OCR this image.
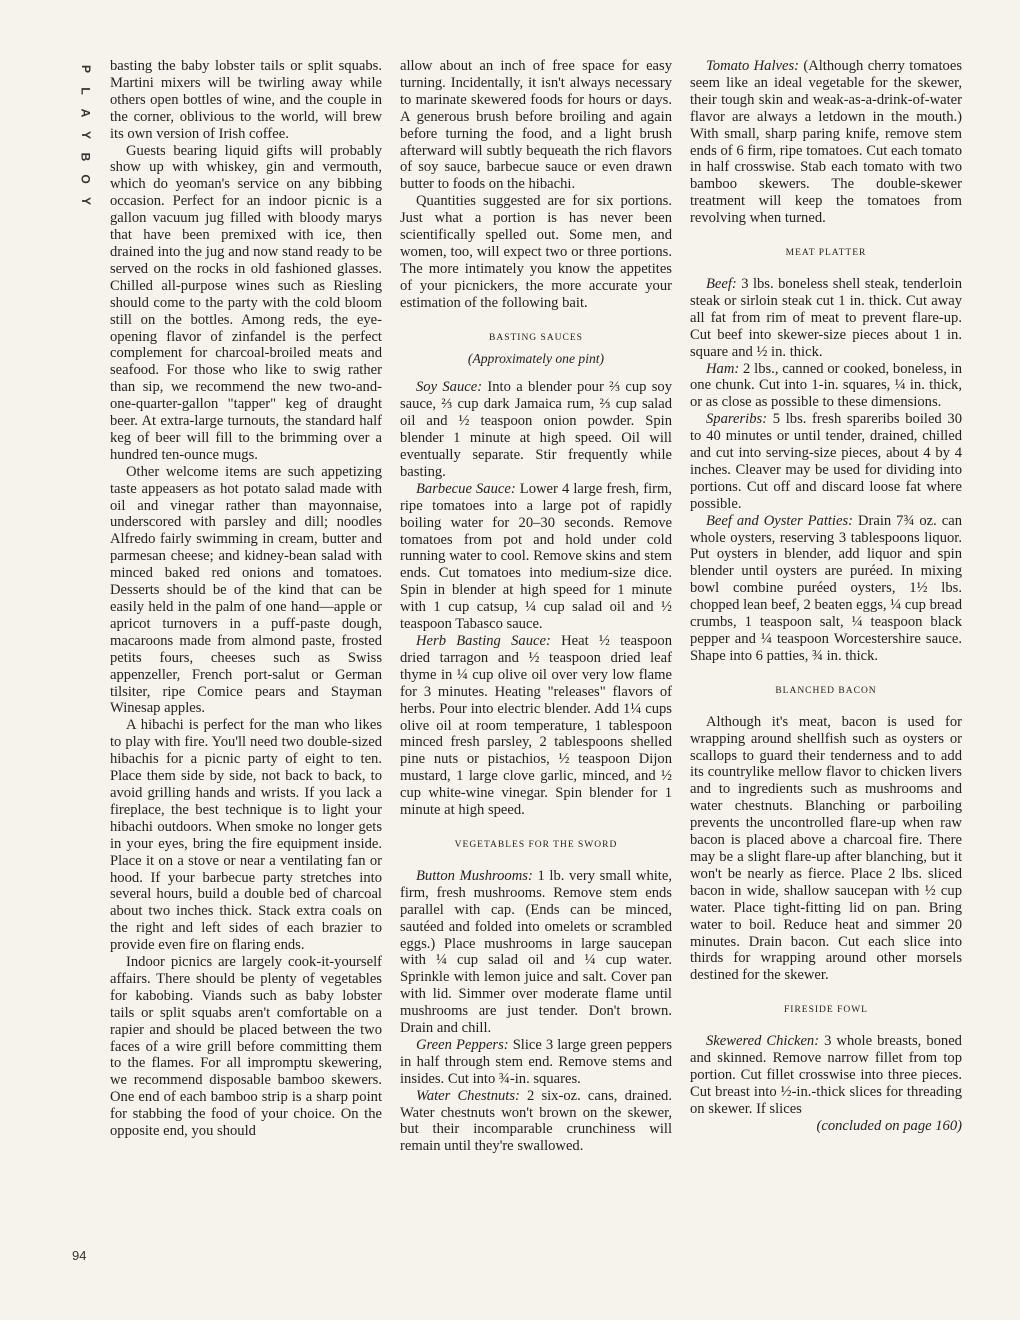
P
L
A
Y
B
O
Y
94

basting the baby lobster tails or split squabs. Martini mixers will be twirling away while others open bottles of wine, and the couple in the corner, oblivious to the world, will brew its own version of Irish coffee.

Guests bearing liquid gifts will probably show up with whiskey, gin and vermouth, which do yeoman's service on any bibbing occasion. Perfect for an indoor picnic is a gallon vacuum jug filled with bloody marys that have been premixed with ice, then drained into the jug and now stand ready to be served on the rocks in old fashioned glasses. Chilled all-purpose wines such as Riesling should come to the party with the cold bloom still on the bottles. Among reds, the eye-opening flavor of zinfandel is the perfect complement for charcoal-broiled meats and seafood. For those who like to swig rather than sip, we recommend the new two-and-one-quarter-gallon "tapper" keg of draught beer. At extra-large turnouts, the standard half keg of beer will fill to the brimming over a hundred ten-ounce mugs.

Other welcome items are such appetizing taste appeasers as hot potato salad made with oil and vinegar rather than mayonnaise, underscored with parsley and dill; noodles Alfredo fairly swimming in cream, butter and parmesan cheese; and kidney-bean salad with minced baked red onions and tomatoes. Desserts should be of the kind that can be easily held in the palm of one hand—apple or apricot turnovers in a puff-paste dough, macaroons made from almond paste, frosted petits fours, cheeses such as Swiss appenzeller, French port-salut or German tilsiter, ripe Comice pears and Stayman Winesap apples.

A hibachi is perfect for the man who likes to play with fire. You'll need two double-sized hibachis for a picnic party of eight to ten. Place them side by side, not back to back, to avoid grilling hands and wrists. If you lack a fireplace, the best technique is to light your hibachi outdoors. When smoke no longer gets in your eyes, bring the fire equipment inside. Place it on a stove or near a ventilating fan or hood. If your barbecue party stretches into several hours, build a double bed of charcoal about two inches thick. Stack extra coals on the right and left sides of each brazier to provide even fire on flaring ends.

Indoor picnics are largely cook-it-yourself affairs. There should be plenty of vegetables for kabobing. Viands such as baby lobster tails or split squabs aren't comfortable on a rapier and should be placed between the two faces of a wire grill before committing them to the flames. For all impromptu skewering, we recommend disposable bamboo skewers. One end of each bamboo strip is a sharp point for stabbing the food of your choice. On the opposite end, you should

allow about an inch of free space for easy turning. Incidentally, it isn't always necessary to marinate skewered foods for hours or days. A generous brush before broiling and again before turning the food, and a light brush afterward will subtly bequeath the rich flavors of soy sauce, barbecue sauce or even drawn butter to foods on the hibachi.

Quantities suggested are for six portions. Just what a portion is has never been scientifically spelled out. Some men, and women, too, will expect two or three portions. The more intimately you know the appetites of your picnickers, the more accurate your estimation of the following bait.

BASTING SAUCES

(Approximately one pint)

Soy Sauce: Into a blender pour ⅔ cup soy sauce, ⅔ cup dark Jamaica rum, ⅔ cup salad oil and ½ teaspoon onion powder. Spin blender 1 minute at high speed. Oil will eventually separate. Stir frequently while basting.

Barbecue Sauce: Lower 4 large fresh, firm, ripe tomatoes into a large pot of rapidly boiling water for 20–30 seconds. Remove tomatoes from pot and hold under cold running water to cool. Remove skins and stem ends. Cut tomatoes into medium-size dice. Spin in blender at high speed for 1 minute with 1 cup catsup, ¼ cup salad oil and ½ teaspoon Tabasco sauce.

Herb Basting Sauce: Heat ½ teaspoon dried tarragon and ½ teaspoon dried leaf thyme in ¼ cup olive oil over very low flame for 3 minutes. Heating "releases" flavors of herbs. Pour into electric blender. Add 1¼ cups olive oil at room temperature, 1 tablespoon minced fresh parsley, 2 tablespoons shelled pine nuts or pistachios, ½ teaspoon Dijon mustard, 1 large clove garlic, minced, and ½ cup white-wine vinegar. Spin blender for 1 minute at high speed.

VEGETABLES FOR THE SWORD

Button Mushrooms: 1 lb. very small white, firm, fresh mushrooms. Remove stem ends parallel with cap. (Ends can be minced, sautéed and folded into omelets or scrambled eggs.) Place mushrooms in large saucepan with ¼ cup salad oil and ¼ cup water. Sprinkle with lemon juice and salt. Cover pan with lid. Simmer over moderate flame until mushrooms are just tender. Don't brown. Drain and chill.

Green Peppers: Slice 3 large green peppers in half through stem end. Remove stems and insides. Cut into ¾-in. squares.

Water Chestnuts: 2 six-oz. cans, drained. Water chestnuts won't brown on the skewer, but their incomparable crunchiness will remain until they're swallowed.

Tomato Halves: (Although cherry tomatoes seem like an ideal vegetable for the skewer, their tough skin and weak-as-a-drink-of-water flavor are always a letdown in the mouth.) With small, sharp paring knife, remove stem ends of 6 firm, ripe tomatoes. Cut each tomato in half crosswise. Stab each tomato with two bamboo skewers. The double-skewer treatment will keep the tomatoes from revolving when turned.

MEAT PLATTER

Beef: 3 lbs. boneless shell steak, tenderloin steak or sirloin steak cut 1 in. thick. Cut away all fat from rim of meat to prevent flare-up. Cut beef into skewer-size pieces about 1 in. square and ½ in. thick.

Ham: 2 lbs., canned or cooked, boneless, in one chunk. Cut into 1-in. squares, ¼ in. thick, or as close as possible to these dimensions.

Spareribs: 5 lbs. fresh spareribs boiled 30 to 40 minutes or until tender, drained, chilled and cut into serving-size pieces, about 4 by 4 inches. Cleaver may be used for dividing into portions. Cut off and discard loose fat where possible.

Beef and Oyster Patties: Drain 7¾ oz. can whole oysters, reserving 3 tablespoons liquor. Put oysters in blender, add liquor and spin blender until oysters are puréed. In mixing bowl combine puréed oysters, 1½ lbs. chopped lean beef, 2 beaten eggs, ¼ cup bread crumbs, 1 teaspoon salt, ¼ teaspoon black pepper and ¼ teaspoon Worcestershire sauce. Shape into 6 patties, ¾ in. thick.

BLANCHED BACON

Although it's meat, bacon is used for wrapping around shellfish such as oysters or scallops to guard their tenderness and to add its countrylike mellow flavor to chicken livers and to ingredients such as mushrooms and water chestnuts. Blanching or parboiling prevents the uncontrolled flare-up when raw bacon is placed above a charcoal fire. There may be a slight flare-up after blanching, but it won't be nearly as fierce. Place 2 lbs. sliced bacon in wide, shallow saucepan with ½ cup water. Place tight-fitting lid on pan. Bring water to boil. Reduce heat and simmer 20 minutes. Drain bacon. Cut each slice into thirds for wrapping around other morsels destined for the skewer.

FIRESIDE FOWL

Skewered Chicken: 3 whole breasts, boned and skinned. Remove narrow fillet from top portion. Cut fillet crosswise into three pieces. Cut breast into ½-in.-thick slices for threading on skewer. If slices

(concluded on page 160)
